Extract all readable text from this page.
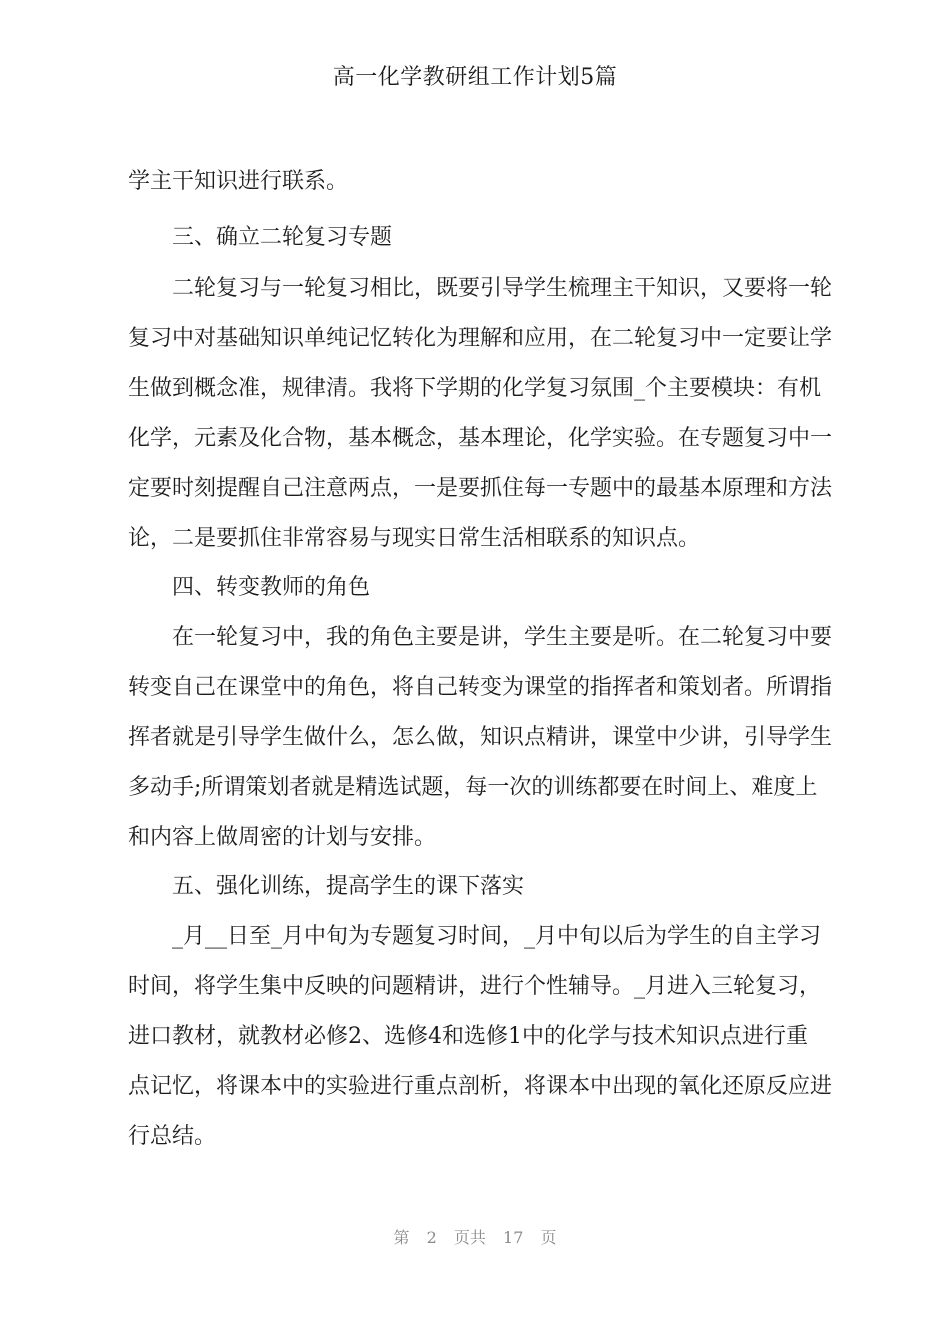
高一化学教研组工作计划5篇
学主干知识进行联系。
　　三、确立二轮复习专题
　　二轮复习与一轮复习相比，既要引导学生梳理主干知识，又要将一轮
复习中对基础知识单纯记忆转化为理解和应用，在二轮复习中一定要让学
生做到概念准，规律清。我将下学期的化学复习氛围_个主要模块：有机
化学，元素及化合物，基本概念，基本理论，化学实验。在专题复习中一
定要时刻提醒自己注意两点，一是要抓住每一专题中的最基本原理和方法
论，二是要抓住非常容易与现实日常生活相联系的知识点。
　　四、转变教师的角色
　　在一轮复习中，我的角色主要是讲，学生主要是听。在二轮复习中要
转变自己在课堂中的角色，将自己转变为课堂的指挥者和策划者。所谓指
挥者就是引导学生做什么，怎么做，知识点精讲，课堂中少讲，引导学生
多动手;所谓策划者就是精选试题，每一次的训练都要在时间上、难度上
和内容上做周密的计划与安排。
　　五、强化训练，提高学生的课下落实
　　_月__日至_月中旬为专题复习时间，_月中旬以后为学生的自主学习
时间，将学生集中反映的问题精讲，进行个性辅导。_月进入三轮复习，
进口教材，就教材必修2、选修4和选修1中的化学与技术知识点进行重
点记忆，将课本中的实验进行重点剖析，将课本中出现的氧化还原反应进
行总结。
第 2 页共 17 页
